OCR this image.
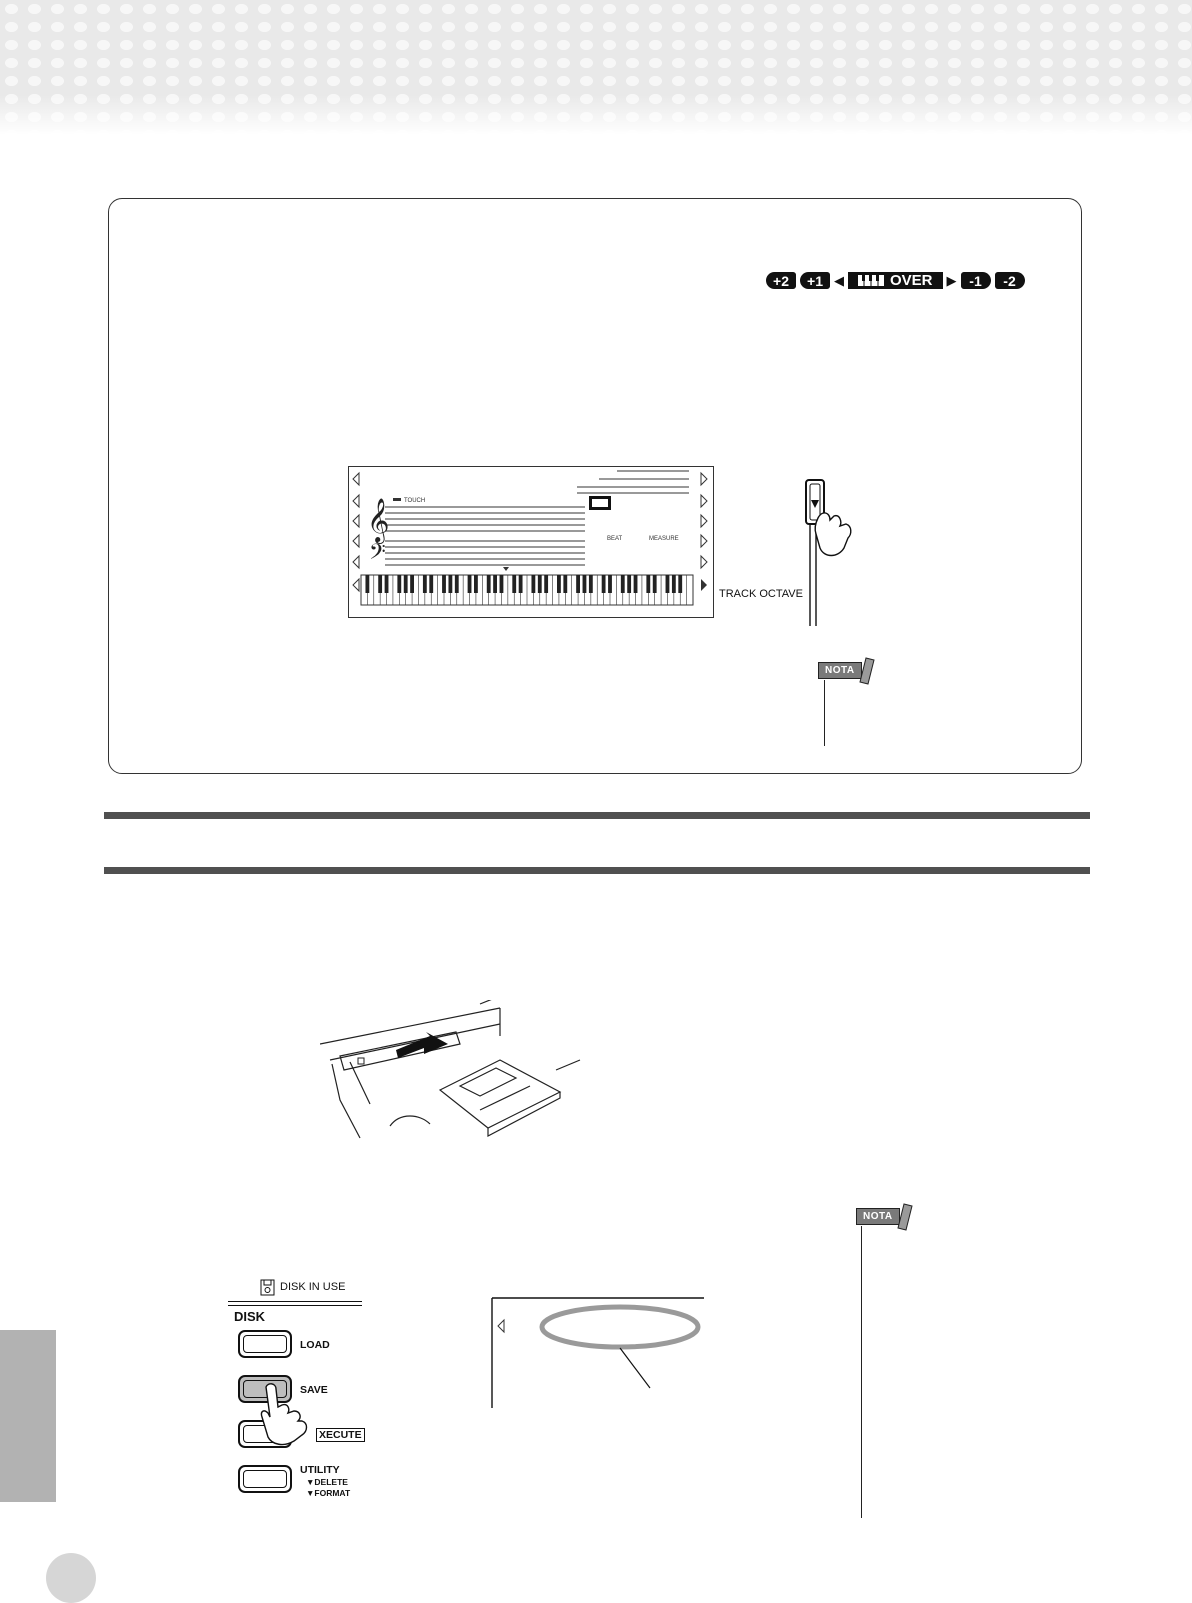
+2	+1 ◀	OVER ▶ -1	-2
𝄞
𝄢
TOUCH
BEAT	MEASURE
TRACK OCTAVE
NOTA
NOTA
DISK IN USE
DISK
LOAD
SAVE
XECUTE
UTILITY
▼DELETE
▼FORMAT
